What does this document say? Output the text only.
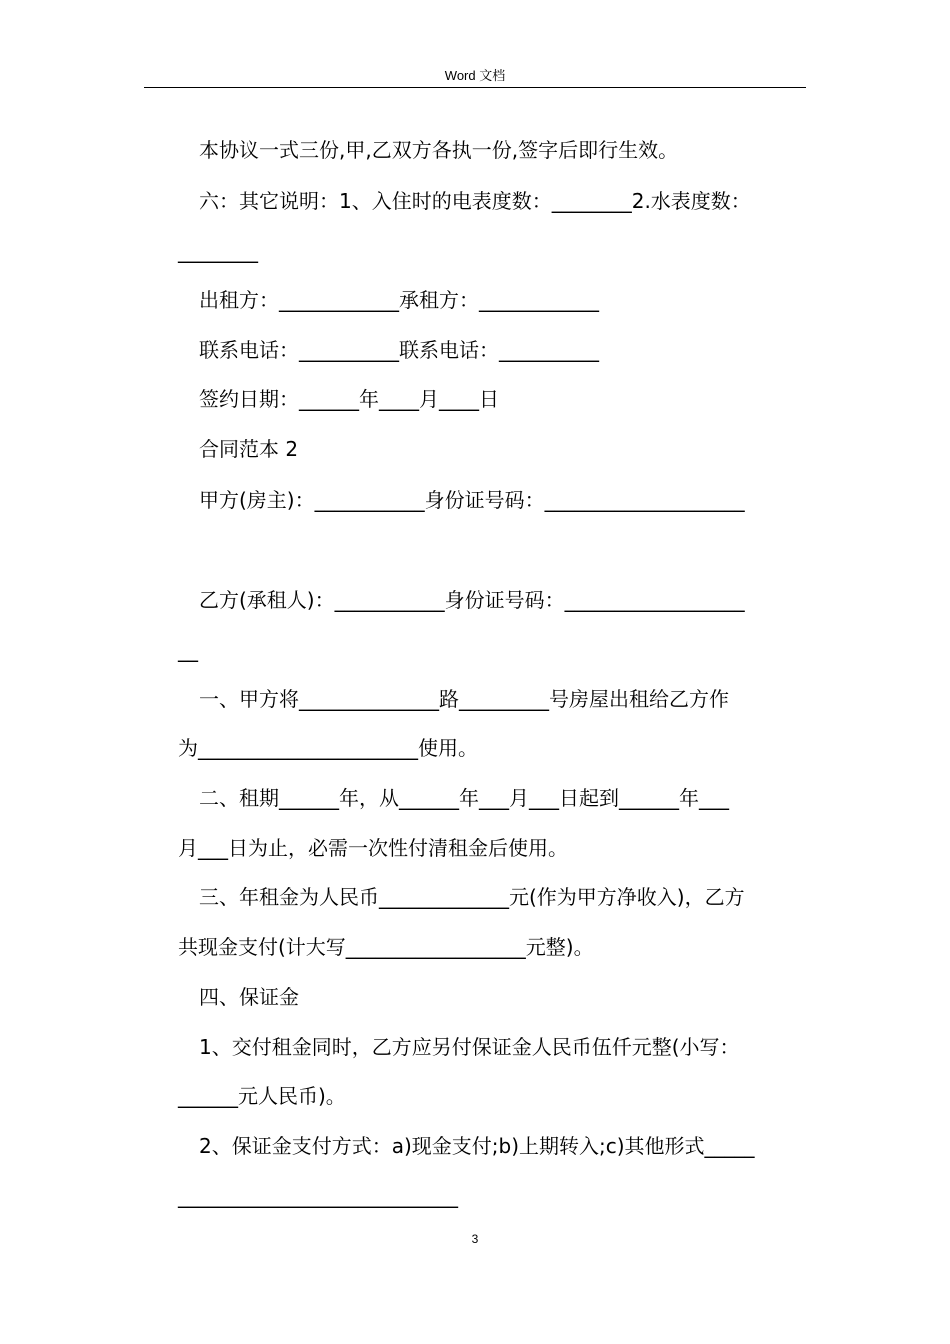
Word 文档
本协议一式三份,甲,乙双方各执一份,签字后即行生效。
六：其它说明：1、入住时的电表度数：________2.水表度数：
________
出租方：____________承租方：____________
联系电话：__________联系电话：__________
签约日期：______年____月____日
合同范本 2
甲方(房主)：___________身份证号码：____________________
乙方(承租人)：___________身份证号码：__________________
__
一、甲方将______________路_________号房屋出租给乙方作
为______________________使用。
二、租期______年，从______年___月___日起到______年___
月___日为止，必需一次性付清租金后使用。
三、年租金为人民币_____________元(作为甲方净收入)，乙方
共现金支付(计大写__________________元整)。
四、保证金
1、交付租金同时，乙方应另付保证金人民币伍仟元整(小写：
______元人民币)。
2、保证金支付方式：a)现金支付;b)上期转入;c)其他形式_____
____________________________
3
